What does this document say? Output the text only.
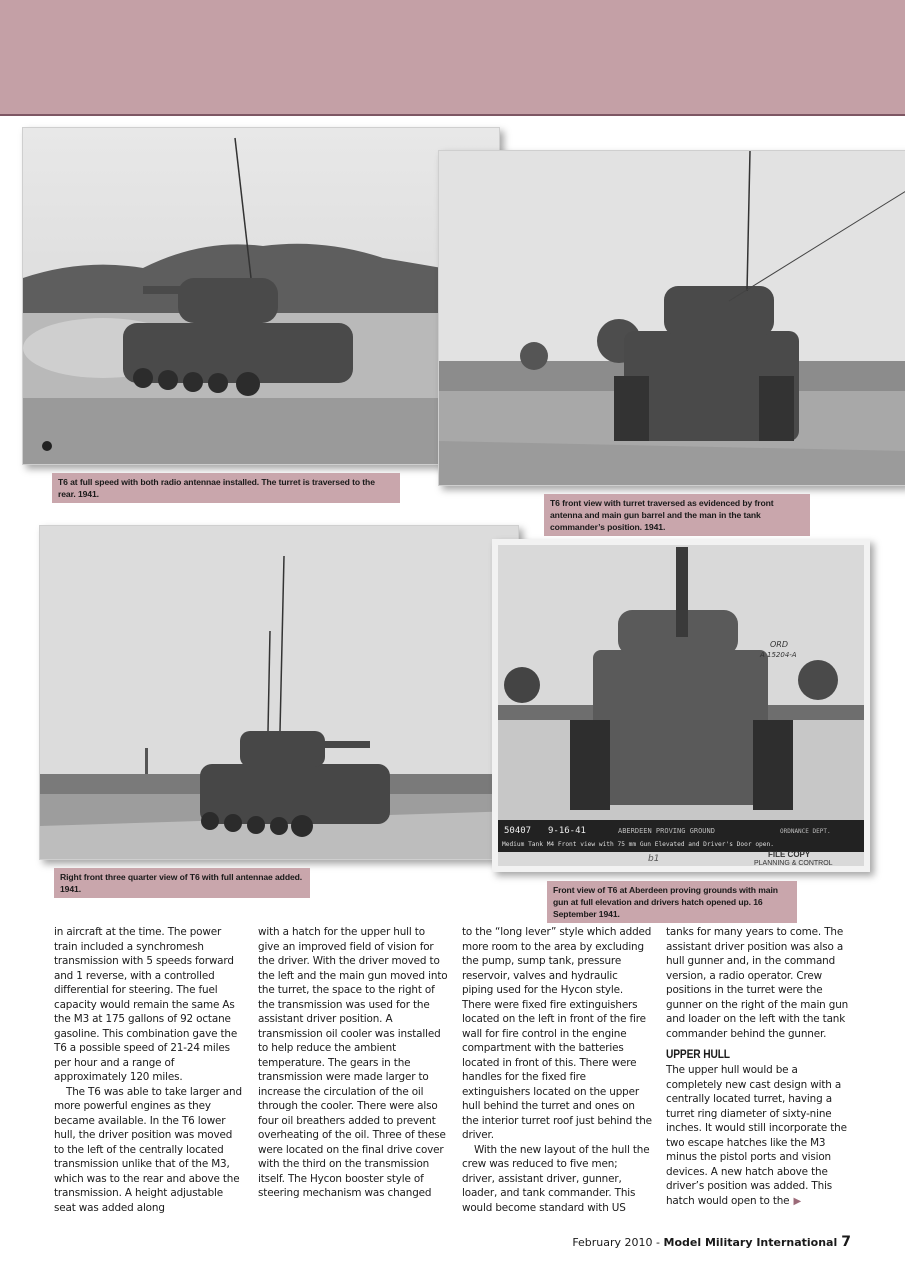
T6 at full speed with both radio antennae installed. The turret is traversed to the rear. 1941.
T6 front view with turret traversed as evidenced by front antenna and main gun barrel and the man in the tank commander’s position. 1941.
Right front three quarter view of T6 with full antennae added. 1941.
50407 9-16-41	ABERDEEN PROVING GROUND	ORDNANCE DEPT.
Medium Tank M4 Front view with 75 mm Gun Elevated and Driver's Door open.
ORD
A 15204-A
FILE COPY
PLANNING & CONTROL
b1
Front view of T6 at Aberdeen proving grounds with main gun at full elevation and drivers hatch opened up. 16 September 1941.

in aircraft at the time. The power train included a synchromesh transmission with 5 speeds forward and 1 reverse, with a controlled differential for steering. The fuel capacity would remain the same As the M3 at 175 gallons of 92 octane gasoline. This combination gave the T6 a possible speed of 21-24 miles per hour and a range of approximately 120 miles.

The T6 was able to take larger and more powerful engines as they became available. In the T6 lower hull, the driver position was moved to the left of the centrally located transmission unlike that of the M3, which was to the rear and above the transmission. A height adjustable seat was added along

with a hatch for the upper hull to give an improved field of vision for the driver. With the driver moved to the left and the main gun moved into the turret, the space to the right of the transmission was used for the assistant driver position. A transmission oil cooler was installed to help reduce the ambient temperature. The gears in the transmission were made larger to increase the circulation of the oil through the cooler. There were also four oil breathers added to prevent overheating of the oil. Three of these were located on the final drive cover with the third on the transmission itself. The Hycon booster style of steering mechanism was changed

to the “long lever” style which added more room to the area by excluding the pump, sump tank, pressure reservoir, valves and hydraulic piping used for the Hycon style. There were fixed fire extinguishers located on the left in front of the fire wall for fire control in the engine compartment with the batteries located in front of this. There were handles for the fixed fire extinguishers located on the upper hull behind the turret and ones on the interior turret roof just behind the driver.

With the new layout of the hull the crew was reduced to five men; driver, assistant driver, gunner, loader, and tank commander. This would become standard with US

tanks for many years to come. The assistant driver position was also a hull gunner and, in the command version, a radio operator. Crew positions in the turret were the gunner on the right of the main gun and loader on the left with the tank commander behind the gunner.

UPPER HULL

The upper hull would be a completely new cast design with a centrally located turret, having a turret ring diameter of sixty-nine inches. It would still incorporate the two escape hatches like the M3 minus the pistol ports and vision devices. A new hatch above the driver’s position was added. This hatch would open to the ▶

February 2010 - Model Military International 7
